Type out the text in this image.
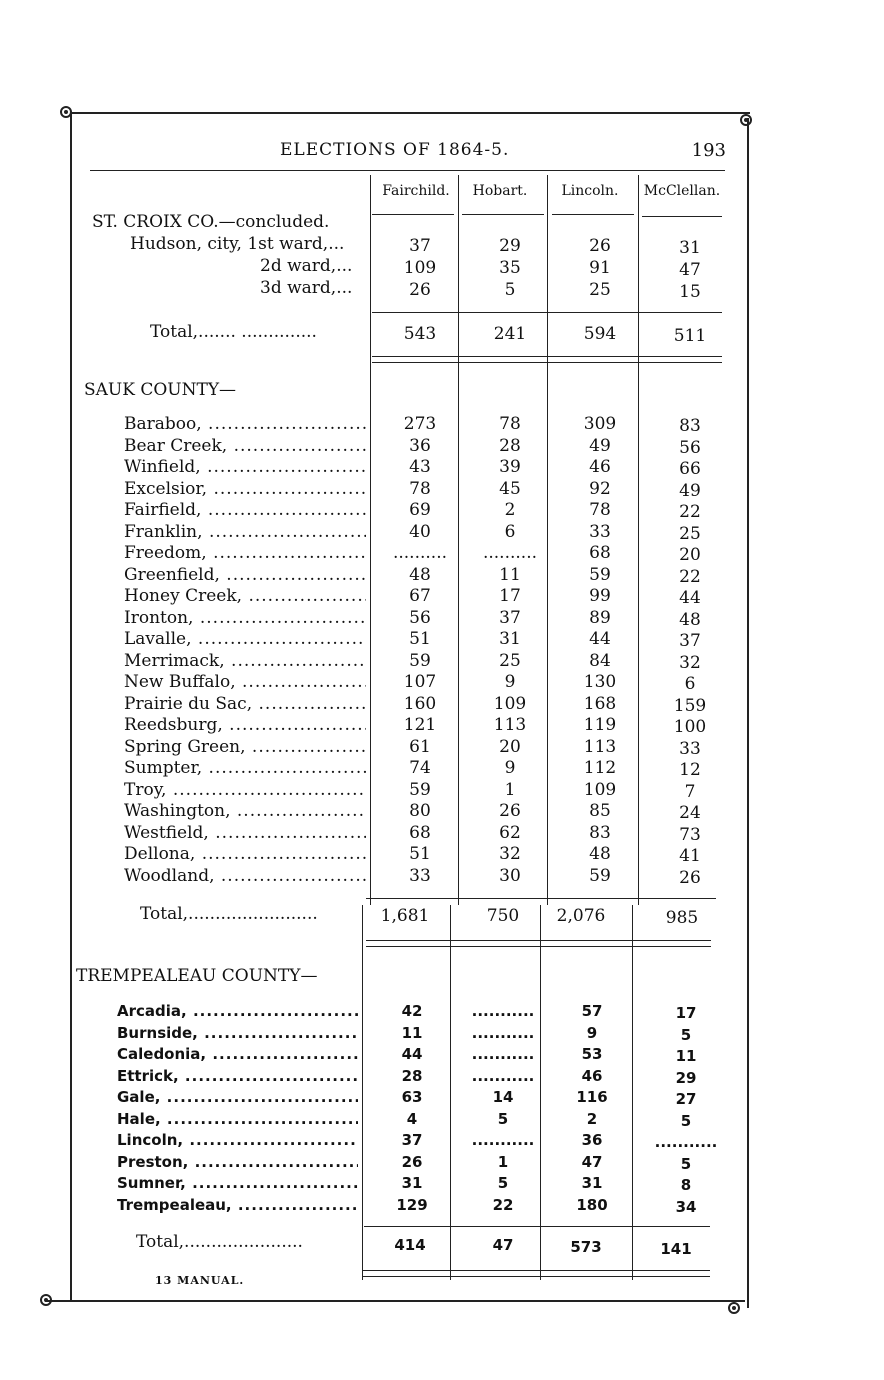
ELECTIONS OF 1864-5.	193
Fairchild.	Hobart.	Lincoln.	McClellan.
ST. CROIX CO.—concluded.
Hudson, city, 1st ward,...	37	29	26	31
2d ward,...	109	35	91	47
3d ward,...	26	5	25	15
Total,....... ..............	543	241	594	511
SAUK COUNTY—
Baraboo, .....	273	78	309	83
Bear Creek, .....	36	28	49	56
Winfield, .....	43	39	46	66
Excelsior, .....	78	45	92	49
Fairfield, .....	69	2	78	22
Franklin, .....	40	6	33	25
Freedom, .....	..........	..........	68	20
Greenfield, .....	48	11	59	22
Honey Creek, .....	67	17	99	44
Ironton, .....	56	37	89	48
Lavalle, .....	51	31	44	37
Merrimack, .....	59	25	84	32
New Buffalo, .....	107	9	130	6
Prairie du Sac, .....	160	109	168	159
Reedsburg, .....	121	113	119	100
Spring Green, .....	61	20	113	33
Sumpter, .....	74	9	112	12
Troy, .....	59	1	109	7
Washington, .....	80	26	85	24
Westfield, .....	68	62	83	73
Dellona, .....	51	32	48	41
Woodland, .....	33	30	59	26
Total,........................	1,681	750	2,076	985
TREMPEALEAU COUNTY—
Arcadia, .....	42	...........	57	17
Burnside, .....	11	...........	9	5
Caledonia, .....	44	...........	53	11
Ettrick, .....	28	...........	46	29
Gale, .....	63	14	116	27
Hale, .....	4	5	2	5
Lincoln, .....	37	...........	36	...........
Preston, .....	26	1	47	5
Sumner, .....	31	5	31	8
Trempealeau, .....	129	22	180	34
Total,......................	414	47	573	141
13 MANUAL.
